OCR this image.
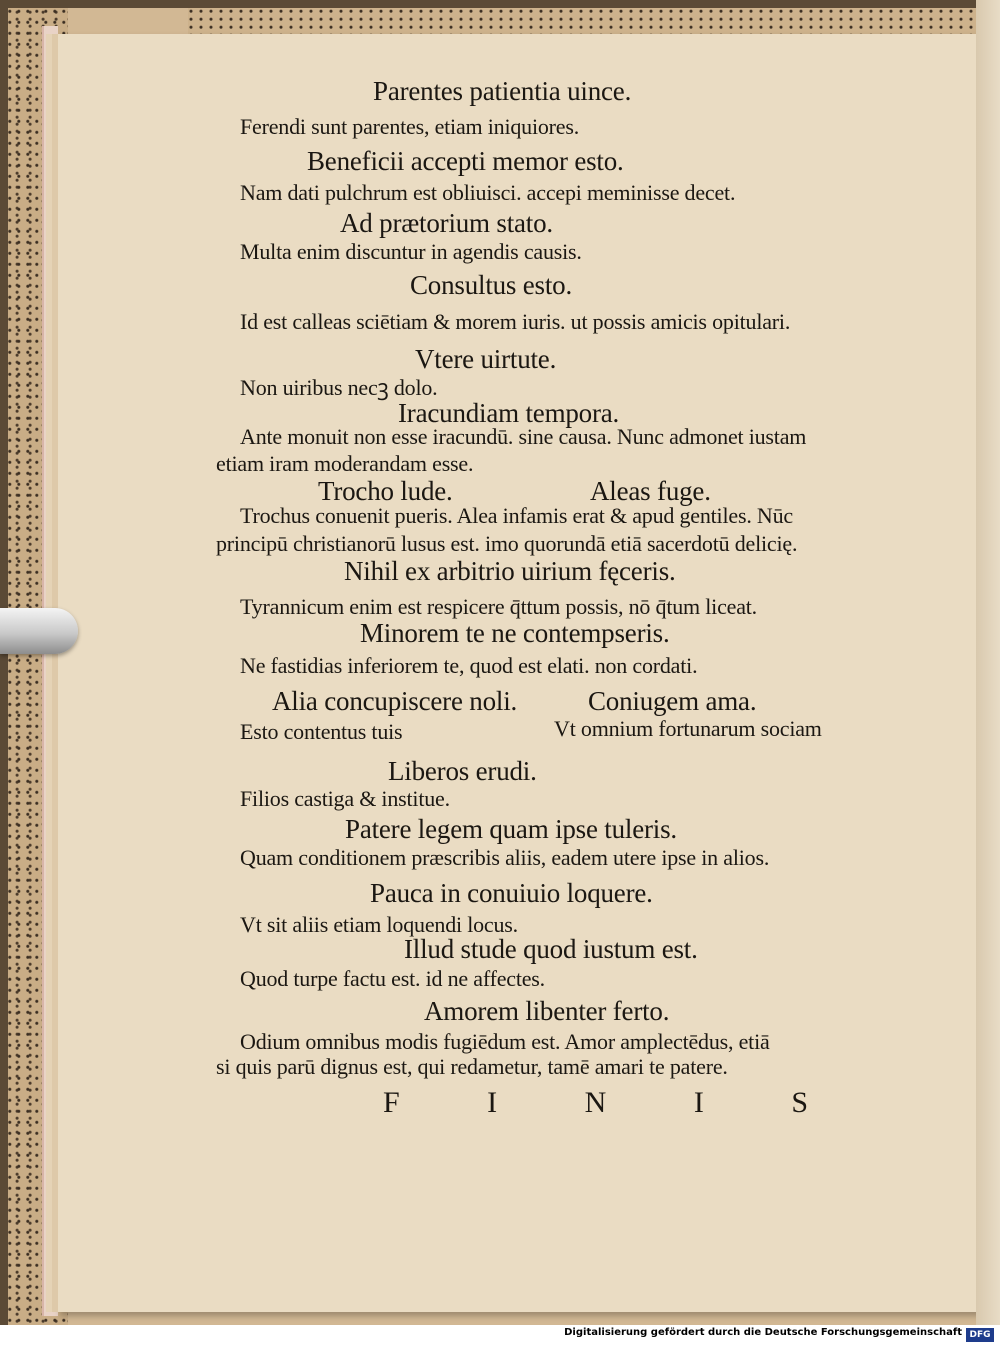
Parentes patientia uince.
Ferendi sunt parentes, etiam iniquiores.
Beneficii accepti memor esto.
Nam dati pulchrum est obliuisci. accepi meminisse decet.
Ad prætorium stato.
Multa enim discuntur in agendis causis.
Consultus esto.
Id est calleas sciētiam & morem iuris. ut possis amicis opitulari.
Vtere uirtute.
Non uiribus necꝫ dolo.
Iracundiam tempora.
Ante monuit non esse iracundū. sine causa. Nunc admonet iustam
etiam iram moderandam esse.
Trocho lude.	Aleas fuge.
Trochus conuenit pueris. Alea infamis erat & apud gentiles. Nūc
principū christianorū lusus est. imo quorundā etiā sacerdotū delicię.
Nihil ex arbitrio uirium fęceris.
Tyrannicum enim est respicere q̄ttum possis, nō q̄tum liceat.
Minorem te ne contempseris.
Ne fastidias inferiorem te, quod est elati. non cordati.
Alia concupiscere noli.	Coniugem ama.
Esto contentus tuis	Vt omnium fortunarum sociam
Liberos erudi.
Filios castiga & institue.
Patere legem quam ipse tuleris.
Quam conditionem præscribis aliis, eadem utere ipse in alios.
Pauca in conuiuio loquere.
Vt sit aliis etiam loquendi locus.
Illud stude quod iustum est.
Quod turpe factu est. id ne affectes.
Amorem libenter ferto.
Odium omnibus modis fugiēdum est. Amor amplectēdus, etiā
si quis parū dignus est, qui redametur, tamē amari te patere.
F I N I S
Digitalisierung gefördert durch die Deutsche Forschungsgemeinschaft DFG
